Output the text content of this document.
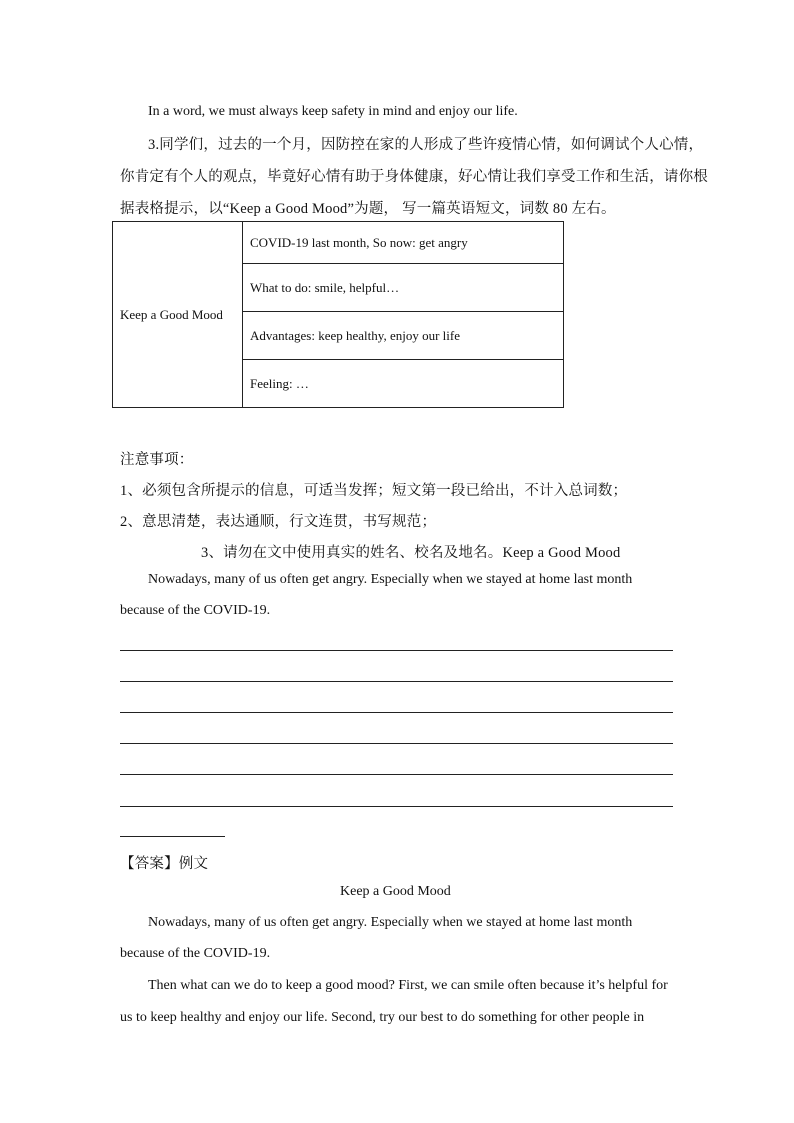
In a word, we must always keep safety in mind and enjoy our life.
3.同学们，过去的一个月，因防控在家的人形成了些许疫情心情，如何调试个人心情，
你肯定有个人的观点，毕竟好心情有助于身体健康，好心情让我们享受工作和生活，请你根
据表格提示，以“Keep a Good Mood”为题， 写一篇英语短文，词数 80 左右。
Keep a Good Mood	COVID-19 last month, So now: get angry
What to do: smile, helpful…
Advantages: keep healthy, enjoy our life
Feeling: …
注意事项：
1、必须包含所提示的信息，可适当发挥；短文第一段已给出，不计入总词数；
2、意思清楚，表达通顺，行文连贯，书写规范；
3、请勿在文中使用真实的姓名、校名及地名。Keep a Good Mood
Nowadays, many of us often get angry. Especially when we stayed at home last month
because of the COVID-19.
【答案】例文
Keep a Good Mood
Nowadays, many of us often get angry. Especially when we stayed at home last month
because of the COVID-19.
Then what can we do to keep a good mood? First, we can smile often because it’s helpful for
us to keep healthy and enjoy our life. Second, try our best to do something for other people in
